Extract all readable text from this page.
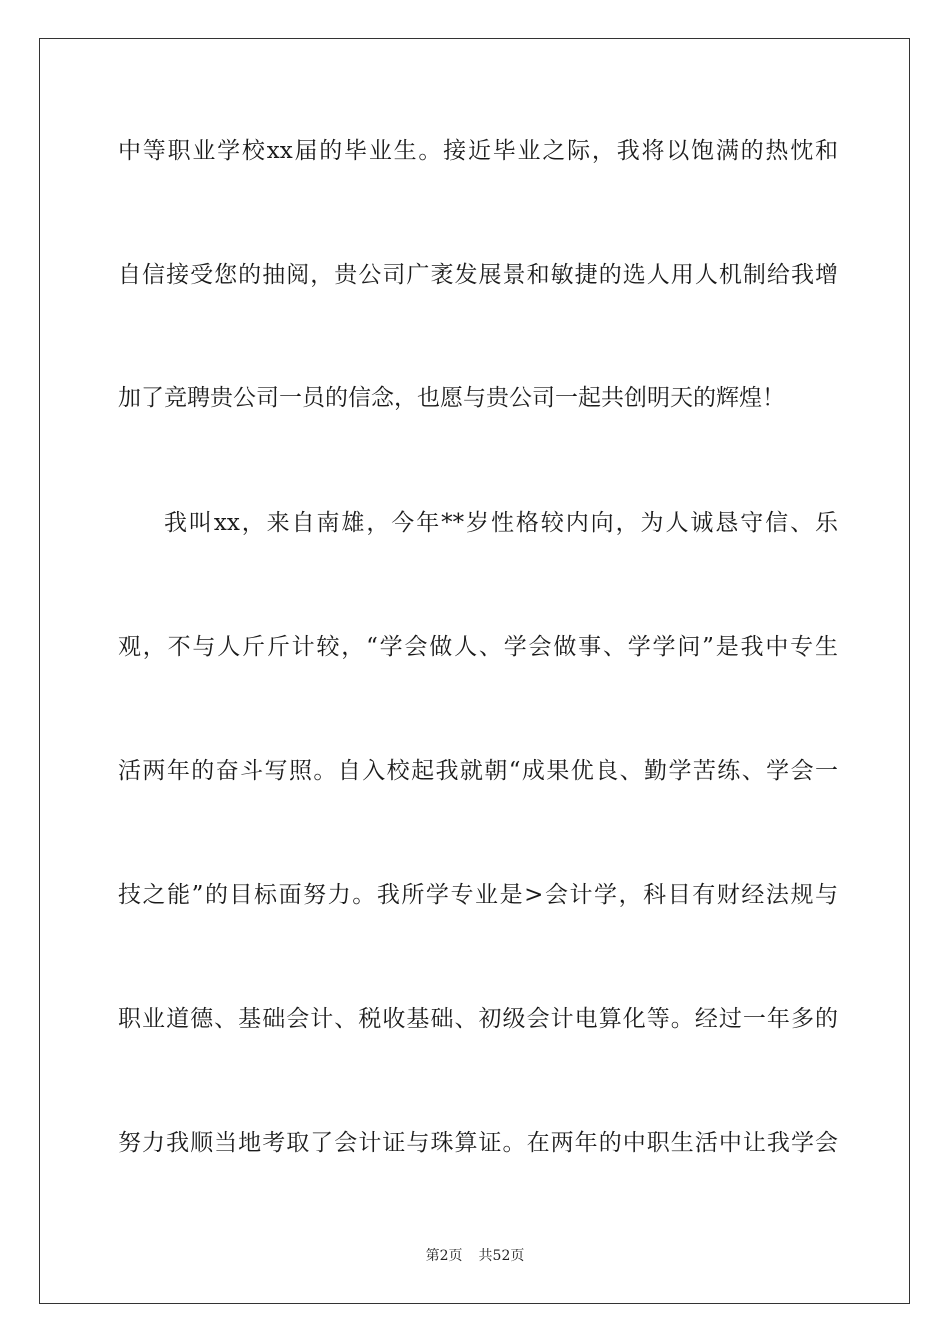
中等职业学校xx届的毕业生。接近毕业之际，我将以饱满的热忱和
自信接受您的抽阅，贵公司广袤发展景和敏捷的选人用人机制给我增
加了竞聘贵公司一员的信念，也愿与贵公司一起共创明天的辉煌！
我叫xx，来自南雄，今年**岁性格较内向，为人诚恳守信、乐
观，不与人斤斤计较，“学会做人、学会做事、学学问”是我中专生
活两年的奋斗写照。自入校起我就朝“成果优良、勤学苦练、学会一
技之能”的目标面努力。我所学专业是>会计学，科目有财经法规与
职业道德、基础会计、税收基础、初级会计电算化等。经过一年多的
努力我顺当地考取了会计证与珠算证。在两年的中职生活中让我学会
第2页 共52页
